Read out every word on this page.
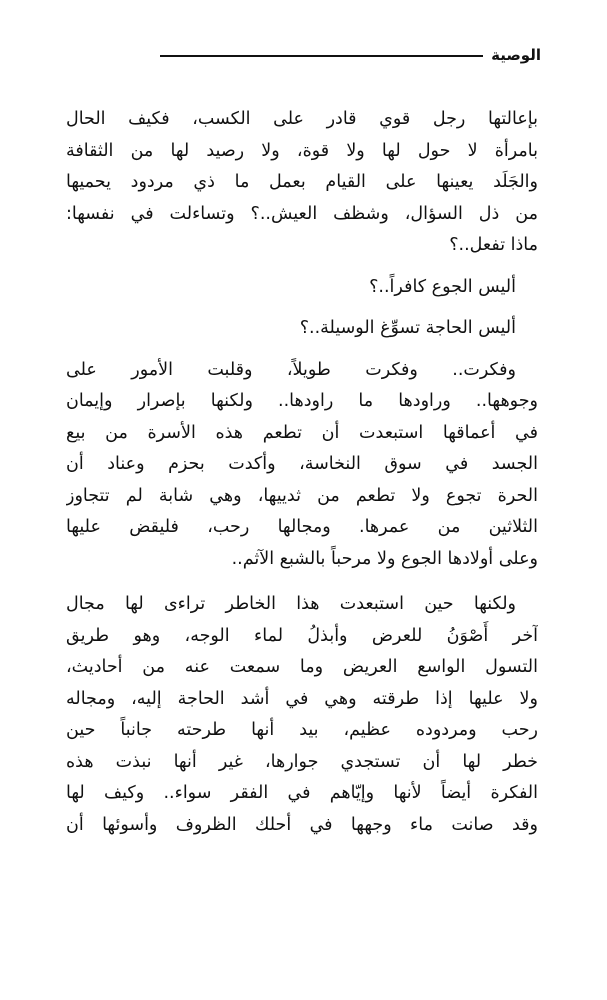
الوصية
بإعالتها رجل قوي قادر على الكسب، فكيف الحال
بامرأة لا حول لها ولا قوة، ولا رصيد لها من الثقافة
والجَلَد يعينها على القيام بعمل ما ذي مردود يحميها
من ذل السؤال، وشظف العيش..؟ وتساءلت في نفسها:
ماذا تفعل..؟
أليس الجوع كافراً..؟
أليس الحاجة تسوِّغ الوسيلة..؟
وفكرت.. وفكرت طويلاً، وقلبت الأمور على
وجوهها.. وراودها ما راودها.. ولكنها بإصرار وإيمان
في أعماقها استبعدت أن تطعم هذه الأسرة من بيع
الجسد في سوق النخاسة، وأكدت بحزم وعناد أن
الحرة تجوع ولا تطعم من ثدييها، وهي شابة لم تتجاوز
الثلاثين من عمرها. ومجالها رحب، فليقض عليها
وعلى أولادها الجوع ولا مرحباً بالشبع الآثم..
ولكنها حين استبعدت هذا الخاطر تراءى لها مجال
آخر أَصْوَنُ للعرض وأبذلُ لماء الوجه، وهو طريق
التسول الواسع العريض وما سمعت عنه من أحاديث،
ولا عليها إذا طرقته وهي في أشد الحاجة إليه، ومجاله
رحب ومردوده عظيم، بيد أنها طرحته جانباً حين
خطر لها أن تستجدي جوارها، غير أنها نبذت هذه
الفكرة أيضاً لأنها وإيّاهم في الفقر سواء.. وكيف لها
وقد صانت ماء وجهها في أحلك الظروف وأسوئها أن
